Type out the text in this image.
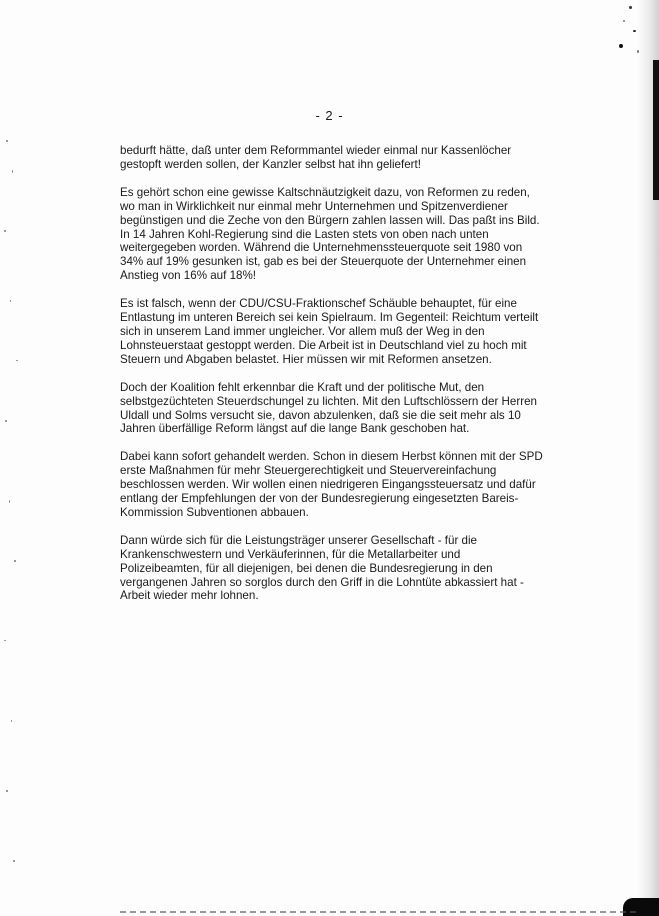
- 2 -
bedurft hätte, daß unter dem Reformmantel wieder einmal nur Kassenlöcher
gestopft werden sollen, der Kanzler selbst hat ihn geliefert!
Es gehört schon eine gewisse Kaltschnäutzigkeit dazu, von Reformen zu reden,
wo man in Wirklichkeit nur einmal mehr Unternehmen und Spitzenverdiener
begünstigen und die Zeche von den Bürgern zahlen lassen will. Das paßt ins Bild.
In 14 Jahren Kohl-Regierung sind die Lasten stets von oben nach unten
weitergegeben worden. Während die Unternehmenssteuerquote seit 1980 von
34% auf 19% gesunken ist, gab es bei der Steuerquote der Unternehmer einen
Anstieg von 16% auf 18%!
Es ist falsch, wenn der CDU/CSU-Fraktionschef Schäuble behauptet, für eine
Entlastung im unteren Bereich sei kein Spielraum. Im Gegenteil: Reichtum verteilt
sich in unserem Land immer ungleicher. Vor allem muß der Weg in den
Lohnsteuerstaat gestoppt werden. Die Arbeit ist in Deutschland viel zu hoch mit
Steuern und Abgaben belastet. Hier müssen wir mit Reformen ansetzen.
Doch der Koalition fehlt erkennbar die Kraft und der politische Mut, den
selbstgezüchteten Steuerdschungel zu lichten. Mit den Luftschlössern der Herren
Uldall und Solms versucht sie, davon abzulenken, daß sie die seit mehr als 10
Jahren überfällige Reform längst auf die lange Bank geschoben hat.
Dabei kann sofort gehandelt werden. Schon in diesem Herbst können mit der SPD
erste Maßnahmen für mehr Steuergerechtigkeit und Steuervereinfachung
beschlossen werden. Wir wollen einen niedrigeren Eingangssteuersatz und dafür
entlang der Empfehlungen der von der Bundesregierung eingesetzten Bareis-
Kommission Subventionen abbauen.
Dann würde sich für die Leistungsträger unserer Gesellschaft - für die
Krankenschwestern und Verkäuferinnen, für die Metallarbeiter und
Polizeibeamten, für all diejenigen, bei denen die Bundesregierung in den
vergangenen Jahren so sorglos durch den Griff in die Lohntüte abkassiert hat -
Arbeit wieder mehr lohnen.
